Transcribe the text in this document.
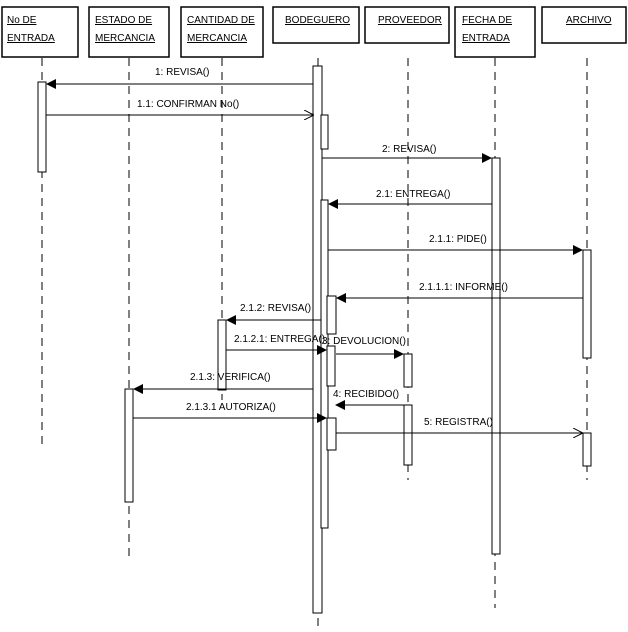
No DE
ENTRADA
ESTADO DE
MERCANCIA
CANTIDAD DE
MERCANCIA
BODEGUERO	PROVEEDOR FECHA DE
ENTRADA
ARCHIVO
1: REVISA()
1.1: CONFIRMAN No()
2: REVISA()
2.1: ENTREGA()
2.1.1: PIDE()
2.1.1.1: INFORME()
2.1.2: REVISA()
2.1.2.1: ENTREGA()
3: DEVOLUCION()
2.1.3: VERIFICA()
4: RECIBIDO()
2.1.3.1 AUTORIZA()
5: REGISTRA()
